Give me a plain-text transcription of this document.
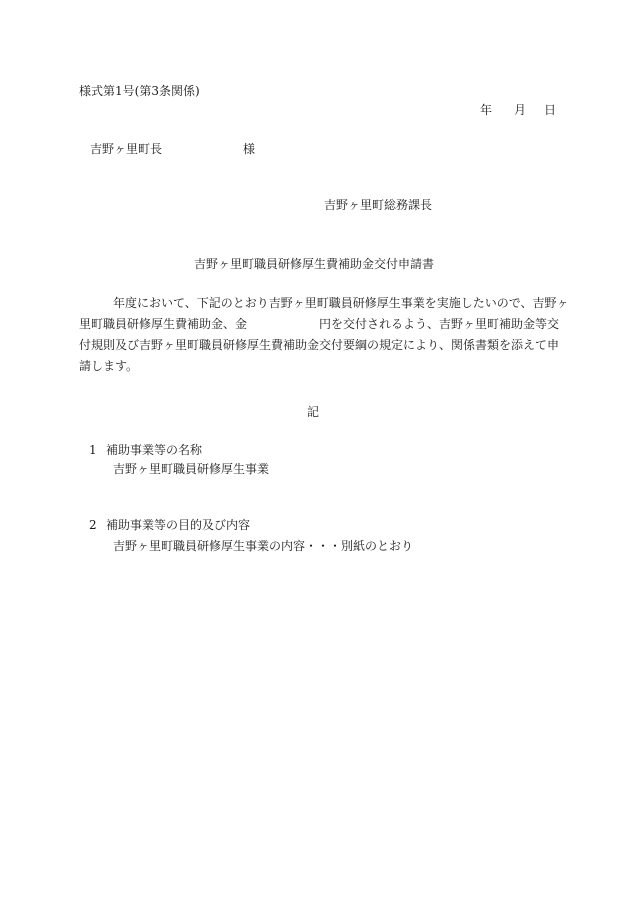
様式第1号(第3条関係)
年 月 日
吉野ヶ里町長	様
吉野ヶ里町総務課長
吉野ヶ里町職員研修厚生費補助金交付申請書
年度において、下記のとおり吉野ヶ里町職員研修厚生事業を実施したいので、吉野ヶ
里町職員研修厚生費補助金、金	円を交付されるよう、吉野ヶ里町補助金等交
付規則及び吉野ヶ里町職員研修厚生費補助金交付要綱の規定により、関係書類を添えて申
請します。
記
1 補助事業等の名称
吉野ヶ里町職員研修厚生事業
2 補助事業等の目的及び内容
吉野ヶ里町職員研修厚生事業の内容・・・別紙のとおり
